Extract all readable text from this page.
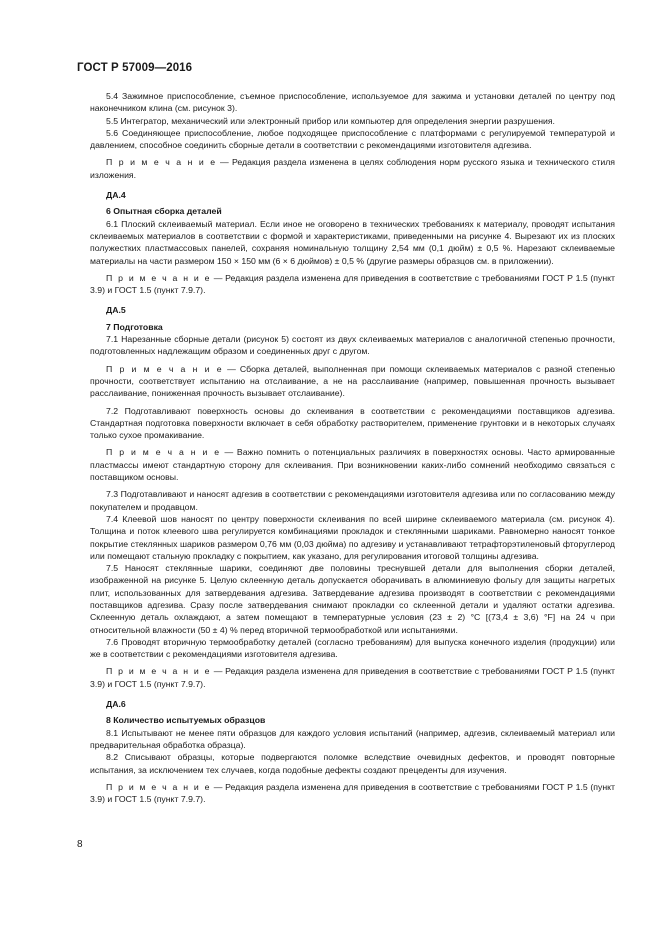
ГОСТ Р 57009—2016

5.4 Зажимное приспособление, съемное приспособление, используемое для зажима и установки деталей по центру под наконечником клина (см. рисунок 3).

5.5 Интегратор, механический или электронный прибор или компьютер для определения энергии разрушения.

5.6 Соединяющее приспособление, любое подходящее приспособление с платформами с регулируемой температурой и давлением, способное соединить сборные детали в соответствии с рекомендациями изготовителя адгезива.

П р и м е ч а н и е — Редакция раздела изменена в целях соблюдения норм русского языка и технического стиля изложения.

ДА.4

6 Опытная сборка деталей

6.1 Плоский склеиваемый материал. Если иное не оговорено в технических требованиях к материалу, проводят испытания склеиваемых материалов в соответствии с формой и характеристиками, приведенными на рисунке 4. Вырезают их из плоских полужестких пластмассовых панелей, сохраняя номинальную толщину 2,54 мм (0,1 дюйм) ± 0,5 %. Нарезают склеиваемые материалы на части размером 150 × 150 мм (6 × 6 дюймов) ± 0,5 % (другие размеры образцов см. в приложении).

П р и м е ч а н и е — Редакция раздела изменена для приведения в соответствие с требованиями ГОСТ Р 1.5 (пункт 3.9) и ГОСТ 1.5 (пункт 7.9.7).

ДА.5

7 Подготовка

7.1 Нарезанные сборные детали (рисунок 5) состоят из двух склеиваемых материалов с аналогичной степенью прочности, подготовленных надлежащим образом и соединенных друг с другом.

П р и м е ч а н и е — Сборка деталей, выполненная при помощи склеиваемых материалов с разной степенью прочности, соответствует испытанию на отслаивание, а не на расслаивание (например, повышенная прочность вызывает расслаивание, пониженная прочность вызывает отслаивание).

7.2 Подготавливают поверхность основы до склеивания в соответствии с рекомендациями поставщиков адгезива. Стандартная подготовка поверхности включает в себя обработку растворителем, применение грунтовки и в некоторых случаях только сухое промакивание.

П р и м е ч а н и е — Важно помнить о потенциальных различиях в поверхностях основы. Часто армированные пластмассы имеют стандартную сторону для склеивания. При возникновении каких-либо сомнений необходимо связаться с поставщиком основы.

7.3 Подготавливают и наносят адгезив в соответствии с рекомендациями изготовителя адгезива или по согласованию между покупателем и продавцом.

7.4 Клеевой шов наносят по центру поверхности склеивания по всей ширине склеиваемого материала (см. рисунок 4). Толщина и поток клеевого шва регулируется комбинациями прокладок и стеклянными шариками. Равномерно наносят тонкое покрытие стеклянных шариков размером 0,76 мм (0,03 дюйма) по адгезиву и устанавливают тетрафторэтиленовый фторуглерод или помещают стальную прокладку с покрытием, как указано, для регулирования итоговой толщины адгезива.

7.5 Наносят стеклянные шарики, соединяют две половины треснувшей детали для выполнения сборки деталей, изображенной на рисунке 5. Целую склеенную деталь допускается оборачивать в алюминиевую фольгу для защиты нагретых плит, использованных для затвердевания адгезива. Затвердевание адгезива производят в соответствии с рекомендациями поставщиков адгезива. Сразу после затвердевания снимают прокладки со склеенной детали и удаляют остатки адгезива. Склеенную деталь охлаждают, а затем помещают в температурные условия (23 ± 2) °C [(73,4 ± 3,6) °F] на 24 ч при относительной влажности (50 ± 4) % перед вторичной термообработкой или испытаниями.

7.6 Проводят вторичную термообработку деталей (согласно требованиям) для выпуска конечного изделия (продукции) или же в соответствии с рекомендациями изготовителя адгезива.

П р и м е ч а н и е — Редакция раздела изменена для приведения в соответствие с требованиями ГОСТ Р 1.5 (пункт 3.9) и ГОСТ 1.5 (пункт 7.9.7).

ДА.6

8 Количество испытуемых образцов

8.1 Испытывают не менее пяти образцов для каждого условия испытаний (например, адгезив, склеиваемый материал или предварительная обработка образца).

8.2 Списывают образцы, которые подвергаются поломке вследствие очевидных дефектов, и проводят повторные испытания, за исключением тех случаев, когда подобные дефекты создают прецеденты для изучения.

П р и м е ч а н и е — Редакция раздела изменена для приведения в соответствие с требованиями ГОСТ Р 1.5 (пункт 3.9) и ГОСТ 1.5 (пункт 7.9.7).

8
